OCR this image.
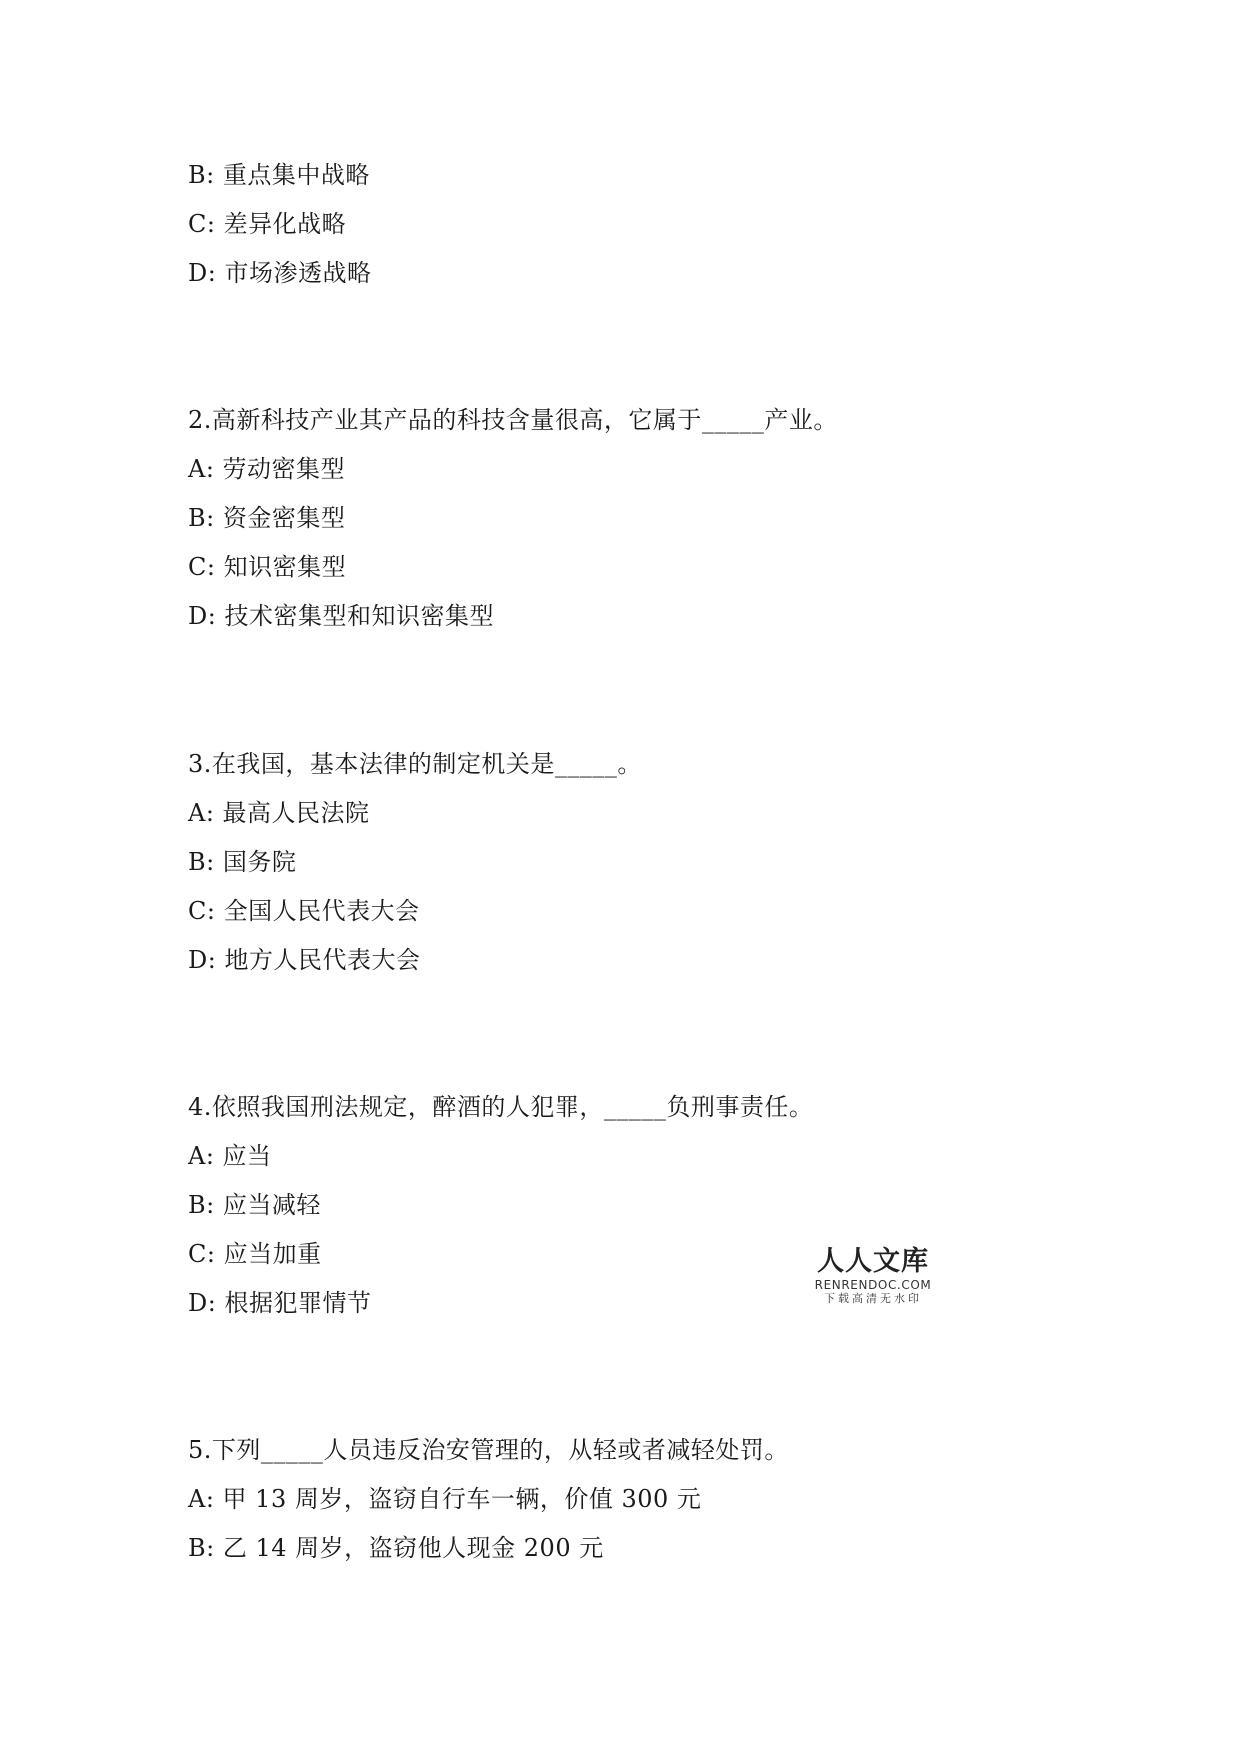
B: 重点集中战略
C: 差异化战略
D: 市场渗透战略
2.高新科技产业其产品的科技含量很高，它属于_____产业。
A: 劳动密集型
B: 资金密集型
C: 知识密集型
D: 技术密集型和知识密集型
3.在我国，基本法律的制定机关是_____。
A: 最高人民法院
B: 国务院
C: 全国人民代表大会
D: 地方人民代表大会
4.依照我国刑法规定，醉酒的人犯罪，_____负刑事责任。
A: 应当
B: 应当减轻
C: 应当加重
D: 根据犯罪情节
5.下列_____人员违反治安管理的，从轻或者减轻处罚。
A: 甲 13 周岁，盗窃自行车一辆，价值 300 元
B: 乙 14 周岁，盗窃他人现金 200 元
人人文库
RENRENDOC.COM
下载高清无水印
